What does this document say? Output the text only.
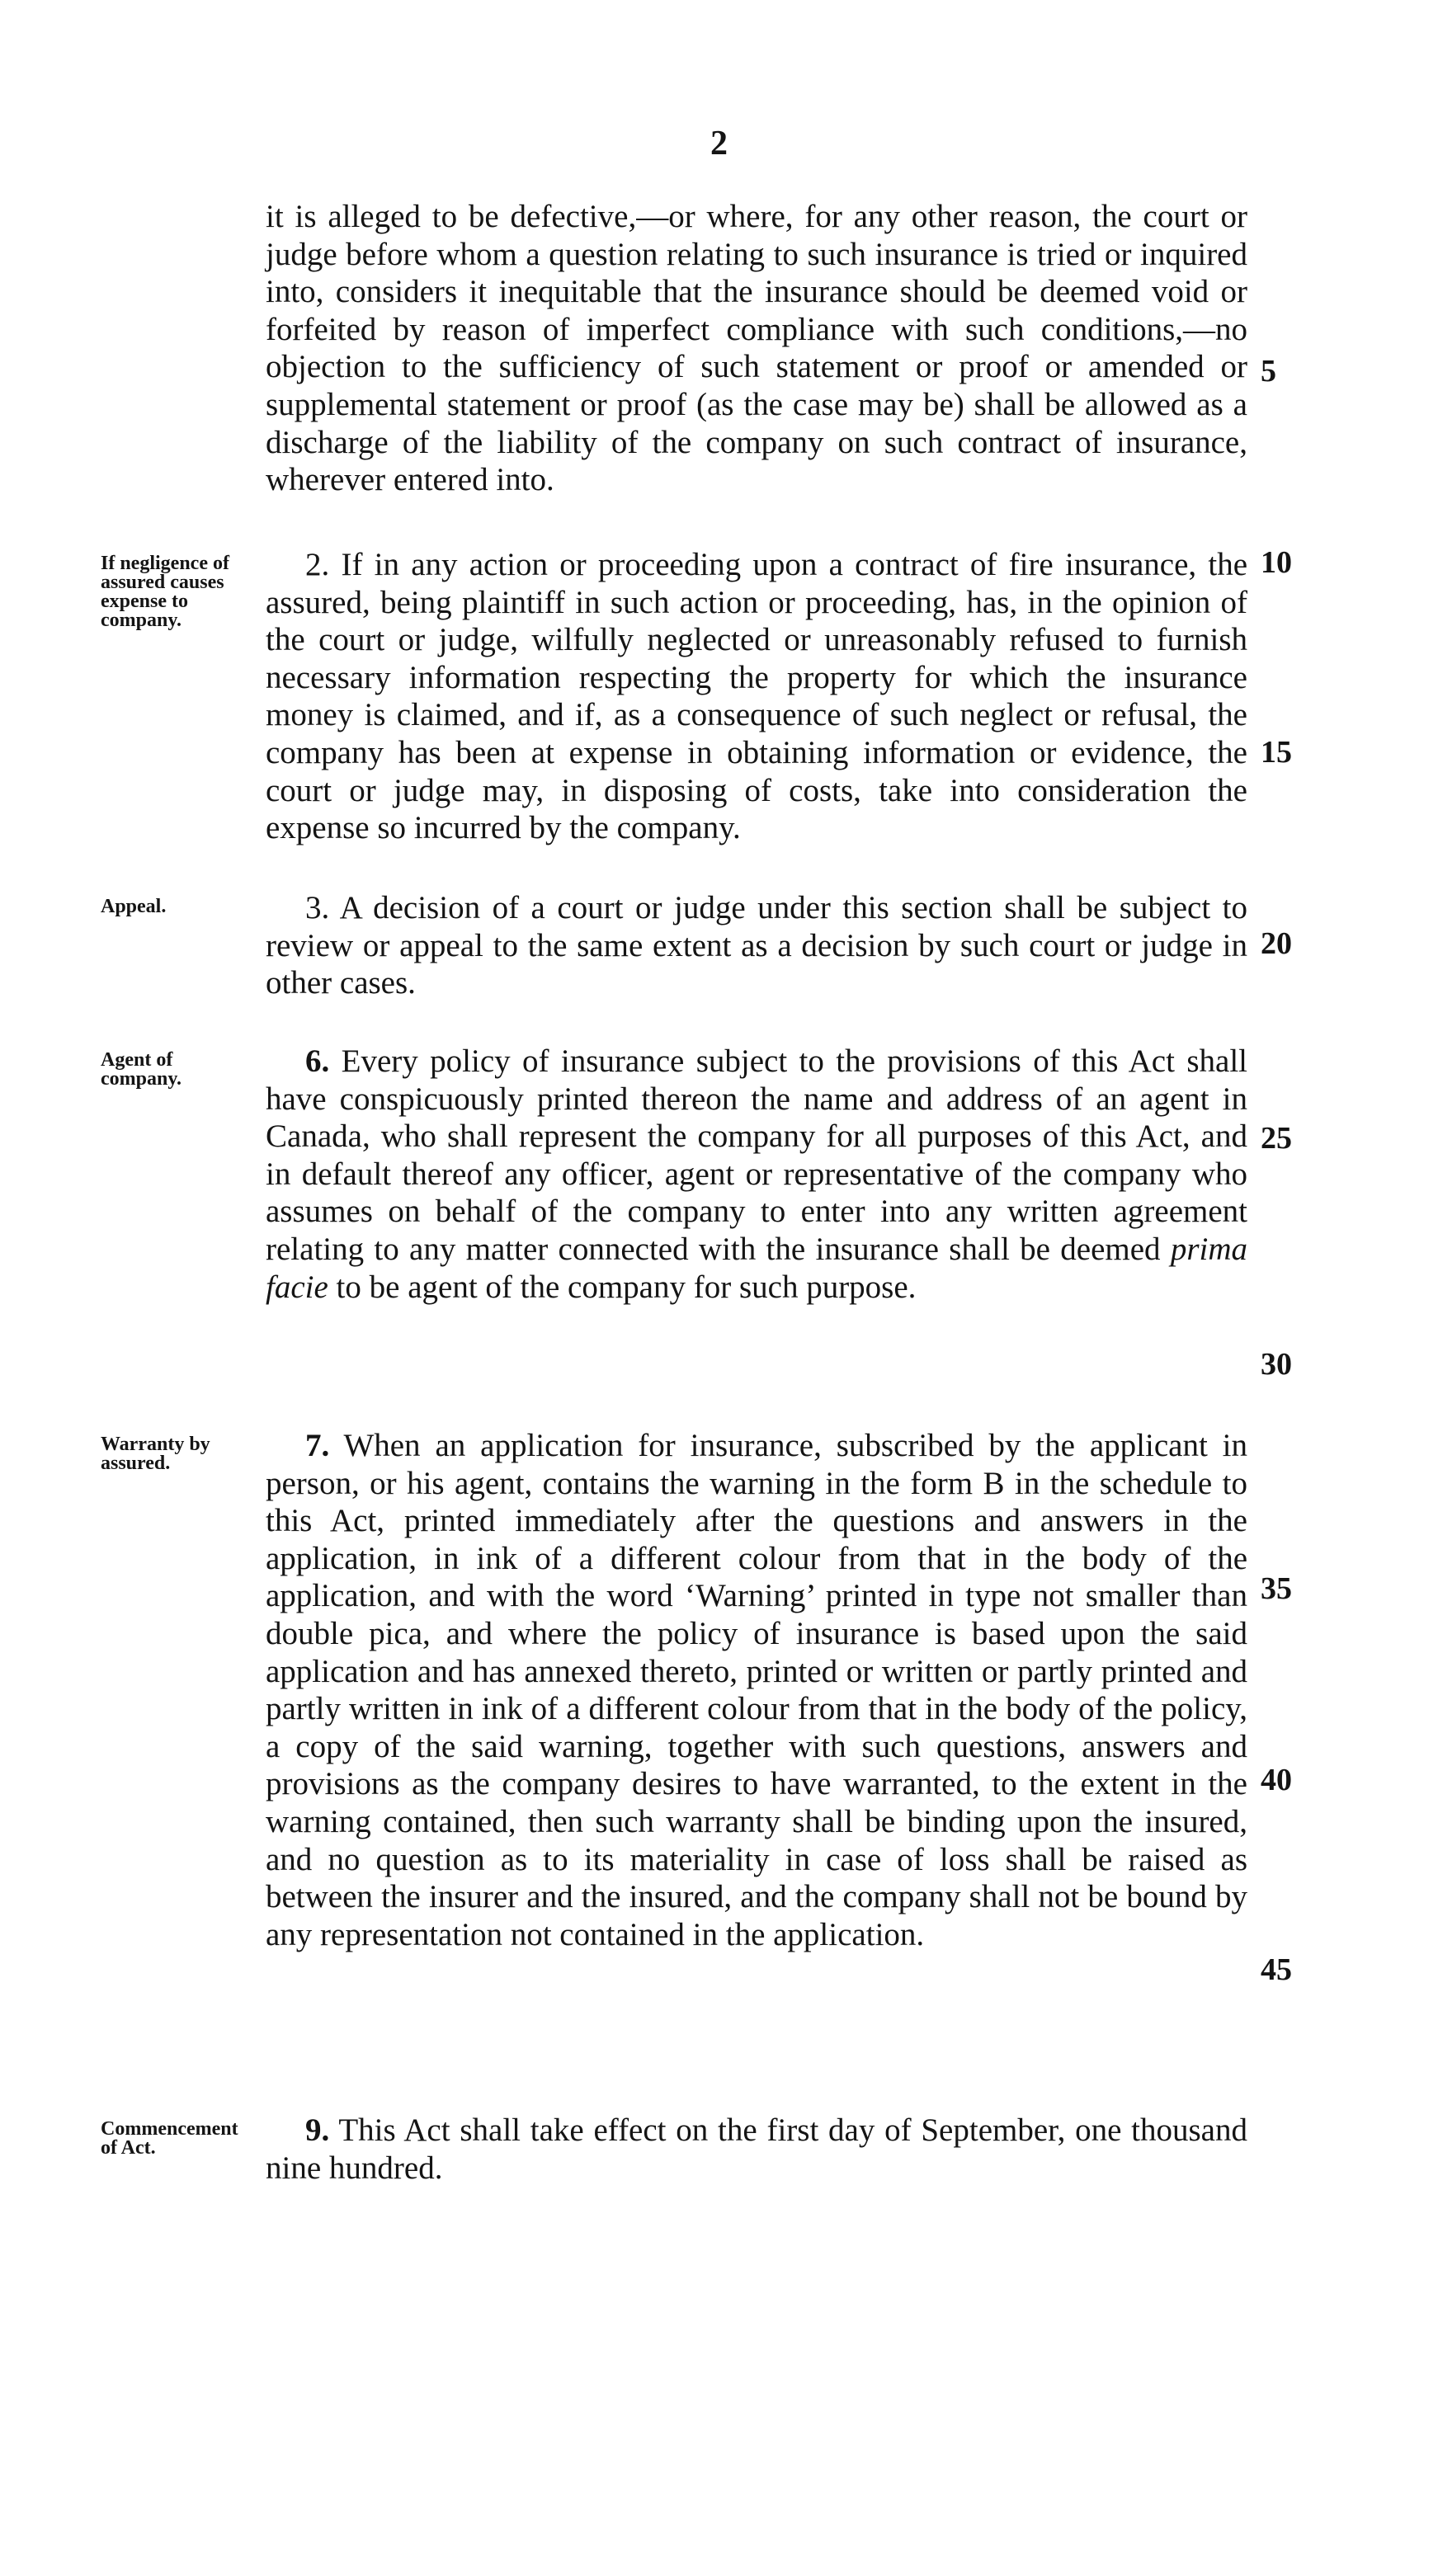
2

it is alleged to be defective,—or where, for any other reason, the court or judge before whom a question relating to such insurance is tried or inquired into, considers it inequitable that the insurance should be deemed void or forfeited by reason of imperfect compliance with such conditions,—no objection to the sufficiency of such statement or proof or amended or supplemental statement or proof (as the case may be) shall be allowed as a discharge of the liability of the company on such contract of insurance, wherever entered into.

2. If in any action or proceeding upon a contract of fire insurance, the assured, being plaintiff in such action or proceeding, has, in the opinion of the court or judge, wilfully neglected or unreasonably refused to furnish necessary information respecting the property for which the insurance money is claimed, and if, as a consequence of such neglect or refusal, the company has been at expense in obtaining information or evidence, the court or judge may, in disposing of costs, take into consideration the expense so incurred by the company.

3. A decision of a court or judge under this section shall be subject to review or appeal to the same extent as a decision by such court or judge in other cases.

6. Every policy of insurance subject to the provisions of this Act shall have conspicuously printed thereon the name and address of an agent in Canada, who shall represent the company for all purposes of this Act, and in default thereof any officer, agent or representative of the company who assumes on behalf of the company to enter into any written agreement relating to any matter connected with the insurance shall be deemed prima facie to be agent of the company for such purpose.

7. When an application for insurance, subscribed by the applicant in person, or his agent, contains the warning in the form B in the schedule to this Act, printed immediately after the questions and answers in the application, in ink of a different colour from that in the body of the application, and with the word ‘Warning’ printed in type not smaller than double pica, and where the policy of insurance is based upon the said application and has annexed thereto, printed or written or partly printed and partly written in ink of a different colour from that in the body of the policy, a copy of the said warning, together with such questions, answers and provisions as the company desires to have warranted, to the extent in the warning contained, then such warranty shall be binding upon the insured, and no question as to its materiality in case of loss shall be raised as between the insurer and the insured, and the company shall not be bound by any representation not contained in the application.

9. This Act shall take effect on the first day of September, one thousand nine hundred.

If negligence of assured causes expense to company.
Appeal.
Agent of company.
Warranty by assured.
Commencement of Act.
5
10
15
20
25
30
35
40
45
